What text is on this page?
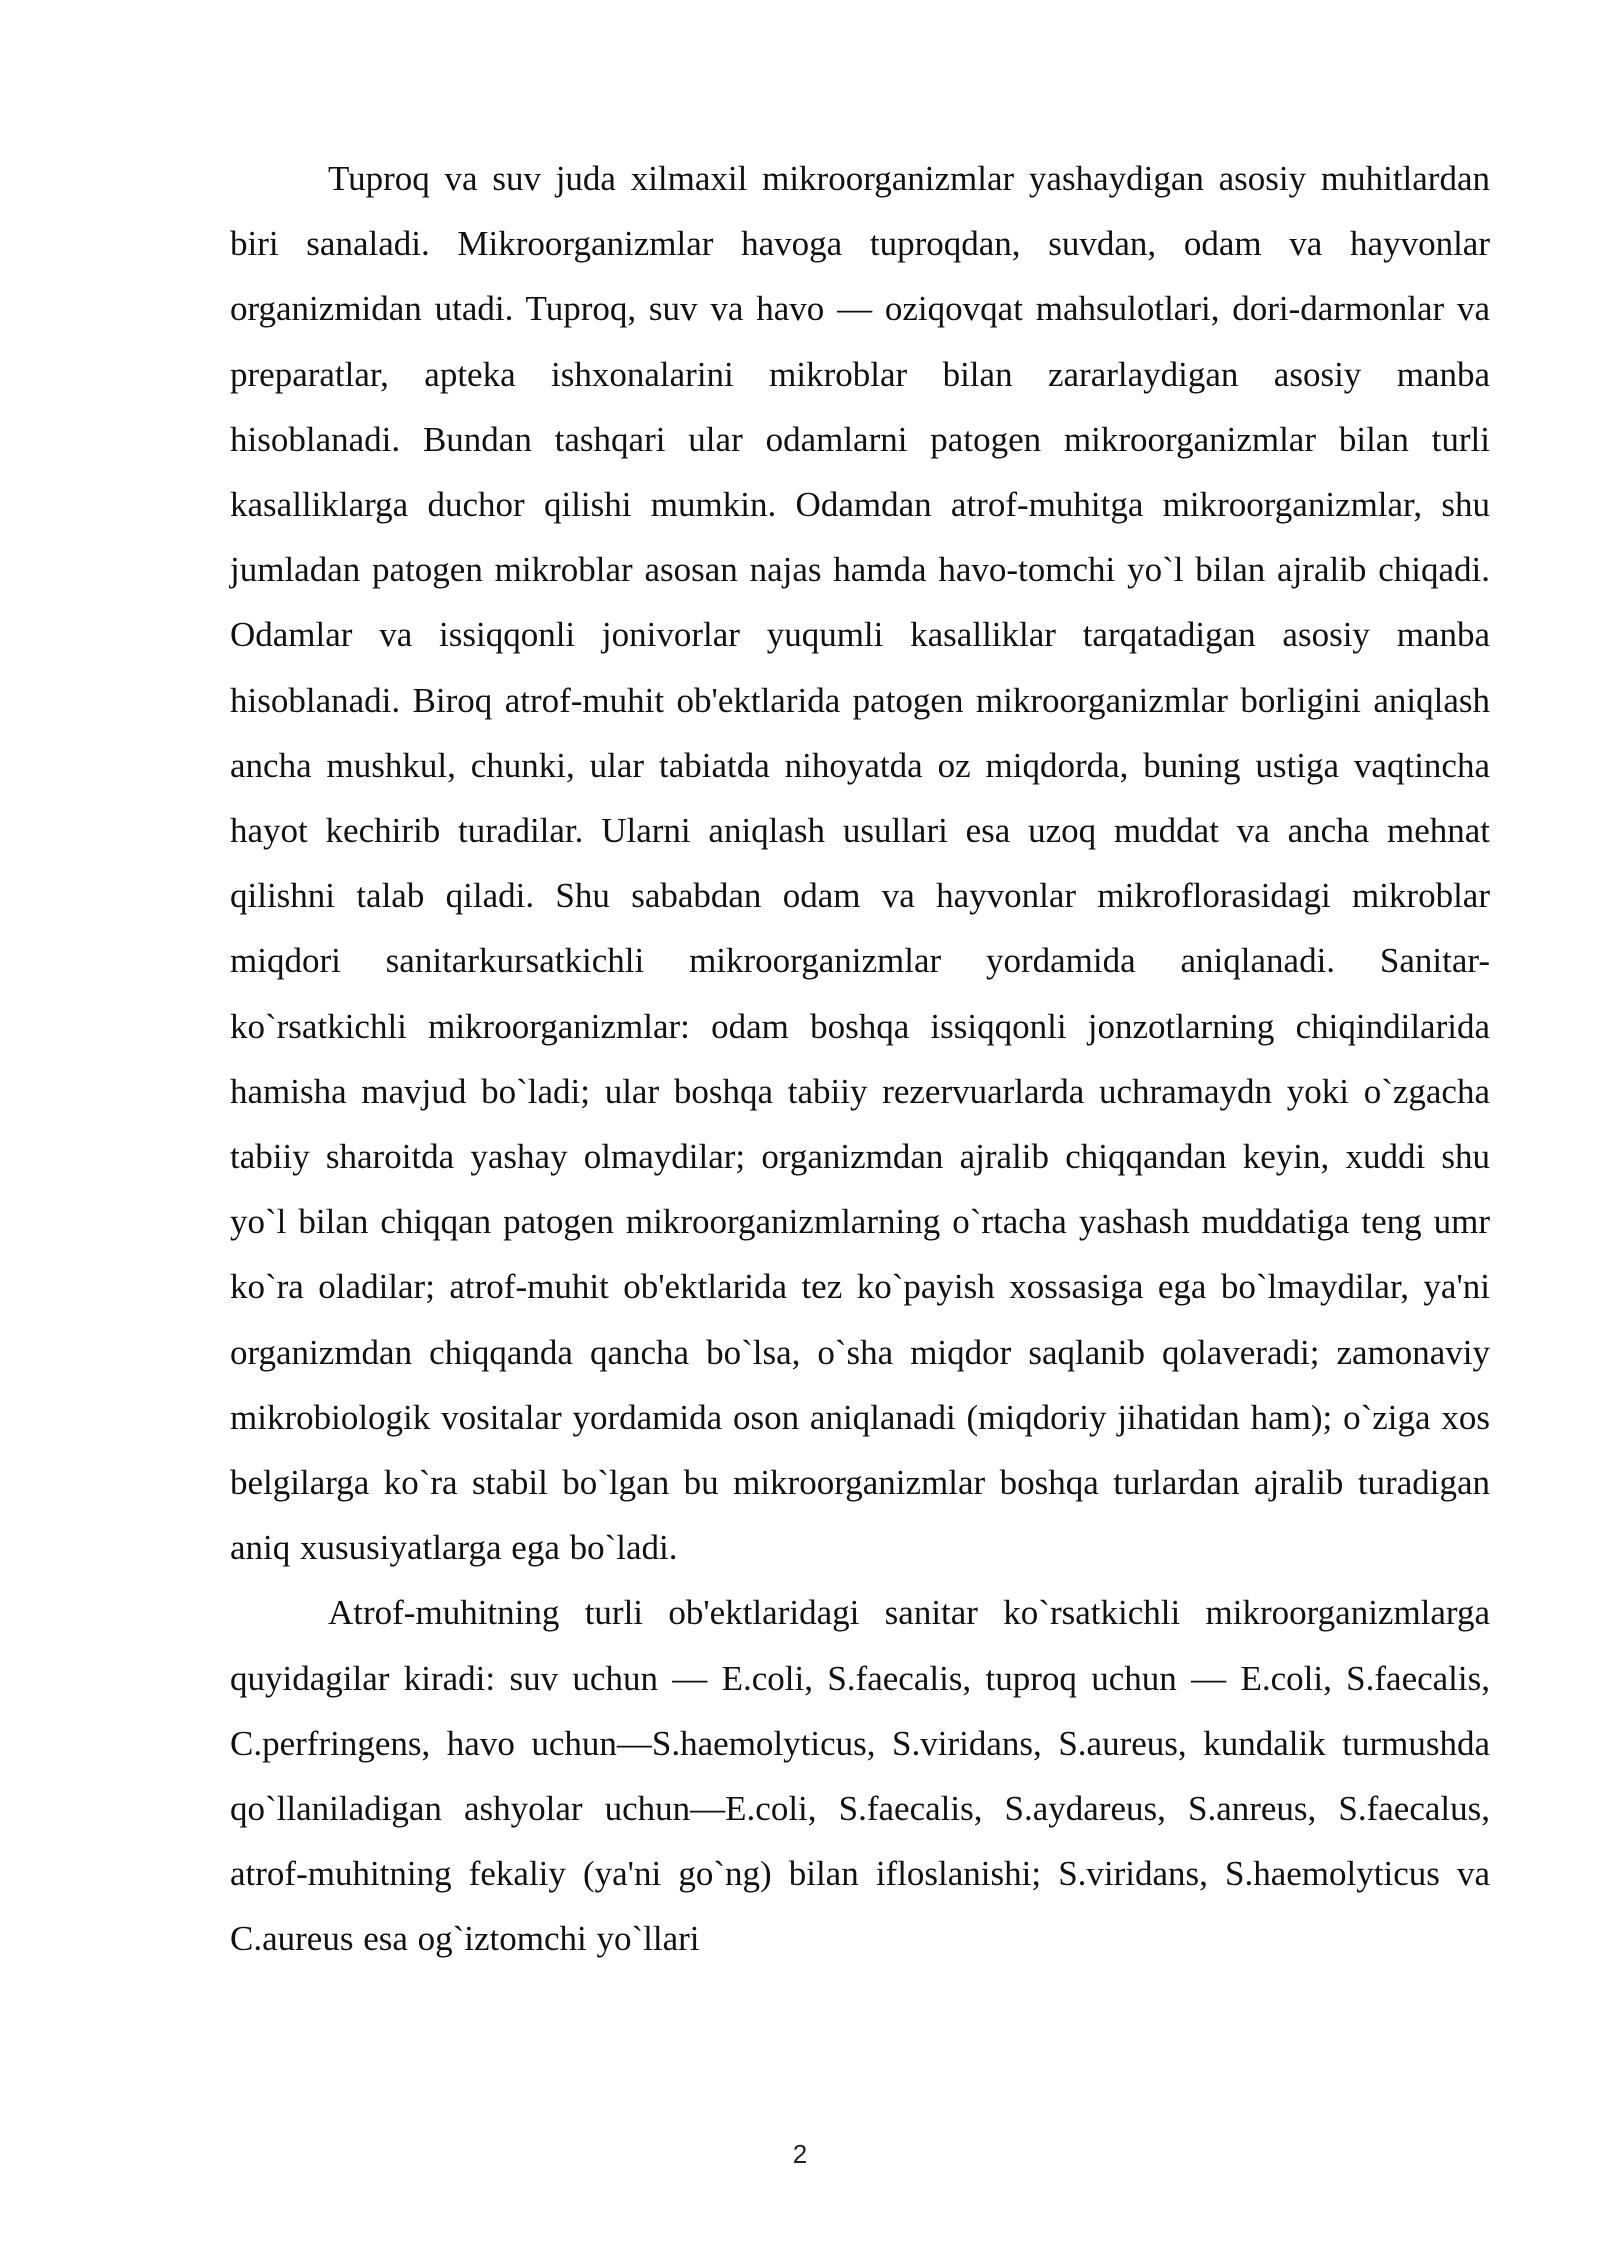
Tuproq va suv juda xilmaxil mikroorganizmlar yashaydigan asosiy muhitlardan biri sanaladi. Mikroorganizmlar havoga tuproqdan, suvdan, odam va hayvonlar organizmidan utadi. Tuproq, suv va havo — oziqovqat mahsulotlari, dori-darmonlar va preparatlar, apteka ishxonalarini mikroblar bilan zararlaydigan asosiy manba hisoblanadi. Bundan tashqari ular odamlarni patogen mikroorganizmlar bilan turli kasalliklarga duchor qilishi mumkin. Odamdan atrof-muhitga mikroorganizmlar, shu jumladan patogen mikroblar asosan najas hamda havo-tomchi yo`l bilan ajralib chiqadi. Odamlar va issiqqonli jonivorlar yuqumli kasalliklar tarqatadigan asosiy manba hisoblanadi. Biroq atrof-muhit ob'ektlarida patogen mikroorganizmlar borligini aniqlash ancha mushkul, chunki, ular tabiatda nihoyatda oz miqdorda, buning ustiga vaqtincha hayot kechirib turadilar. Ularni aniqlash usullari esa uzoq muddat va ancha mehnat qilishni talab qiladi. Shu sababdan odam va hayvonlar mikroflorasidagi mikroblar miqdori sanitarkursatkichli mikroorganizmlar yordamida aniqlanadi. Sanitar-ko`rsatkichli mikroorganizmlar: odam boshqa issiqqonli jonzotlarning chiqindilarida hamisha mavjud bo`ladi; ular boshqa tabiiy rezervuarlarda uchramaydn yoki o`zgacha tabiiy sharoitda yashay olmaydilar; organizmdan ajralib chiqqandan keyin, xuddi shu yo`l bilan chiqqan patogen mikroorganizmlarning o`rtacha yashash muddatiga teng umr ko`ra oladilar; atrof-muhit ob'ektlarida tez ko`payish xossasiga ega bo`lmaydilar, ya'ni organizmdan chiqqanda qancha bo`lsa, o`sha miqdor saqlanib qolaveradi; zamonaviy mikrobiologik vositalar yordamida oson aniqlanadi (miqdoriy jihatidan ham); o`ziga xos belgilarga ko`ra stabil bo`lgan bu mikroorganizmlar boshqa turlardan ajralib turadigan aniq xususiyatlarga ega bo`ladi.

Atrof-muhitning turli ob'ektlaridagi sanitar ko`rsatkichli mikroorganizmlarga quyidagilar kiradi: suv uchun — E.coli, S.faecalis, tuproq uchun — E.coli, S.faecalis, C.perfringens, havo uchun—S.haemolyticus, S.viridans, S.aureus, kundalik turmushda qo`llaniladigan ashyolar uchun—E.coli, S.faecalis, S.aydareus, S.anreus, S.faecalus, atrof-muhitning fekaliy (ya'ni go`ng) bilan ifloslanishi; S.viridans, S.haemolyticus va C.aureus esa og`iztomchi yo`llari

2
